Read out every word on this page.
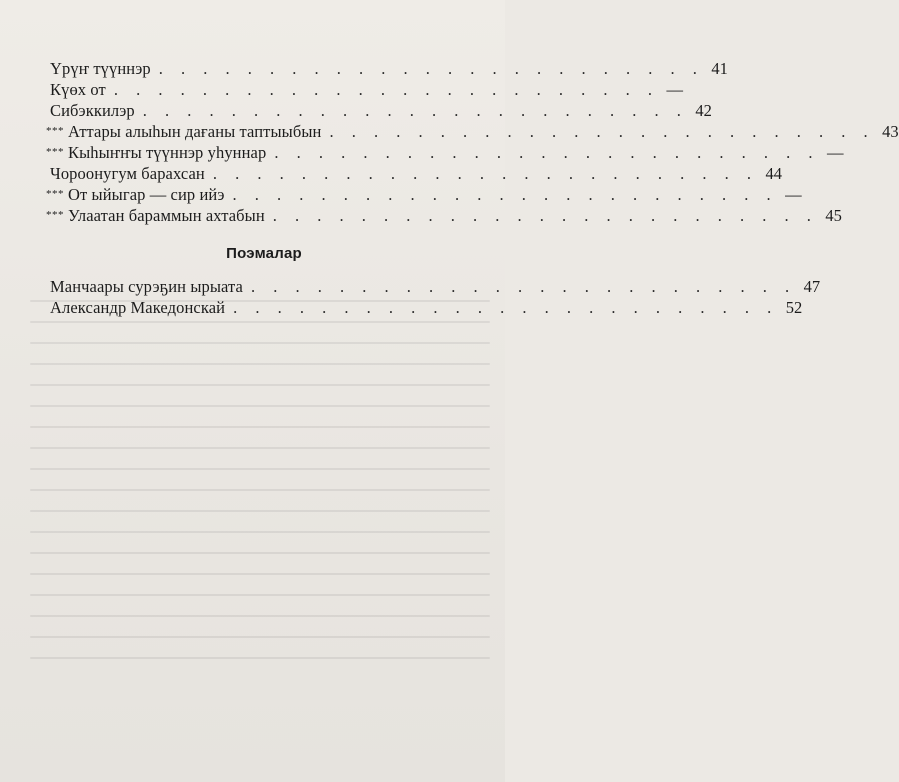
Үрүҥ түүннэр . . . . . . . . . . . . . . . . . . . . . . . . . 41
Күөх от . . . . . . . . . . . . . . . . . . . . . . . . . —
Сибэккилэр . . . . . . . . . . . . . . . . . . . . . . . . . 42
*** Аттары алыһын дағаны таптыыбын . . . . . . . . . . . . . . . . . . . . . . . . . 43
*** Кыһыҥҥы түүннэр уһуннар . . . . . . . . . . . . . . . . . . . . . . . . . —
Чороонугум барахсан . . . . . . . . . . . . . . . . . . . . . . . . . 44
*** От ыйыгар — сир ийэ . . . . . . . . . . . . . . . . . . . . . . . . . —
*** Улаатан бараммын ахтабын . . . . . . . . . . . . . . . . . . . . . . . . . 45
Поэмалар
Манчаары сурэҕин ырыата . . . . . . . . . . . . . . . . . . . . . . . . . 47
Александр Македонскай . . . . . . . . . . . . . . . . . . . . . . . . . 52
